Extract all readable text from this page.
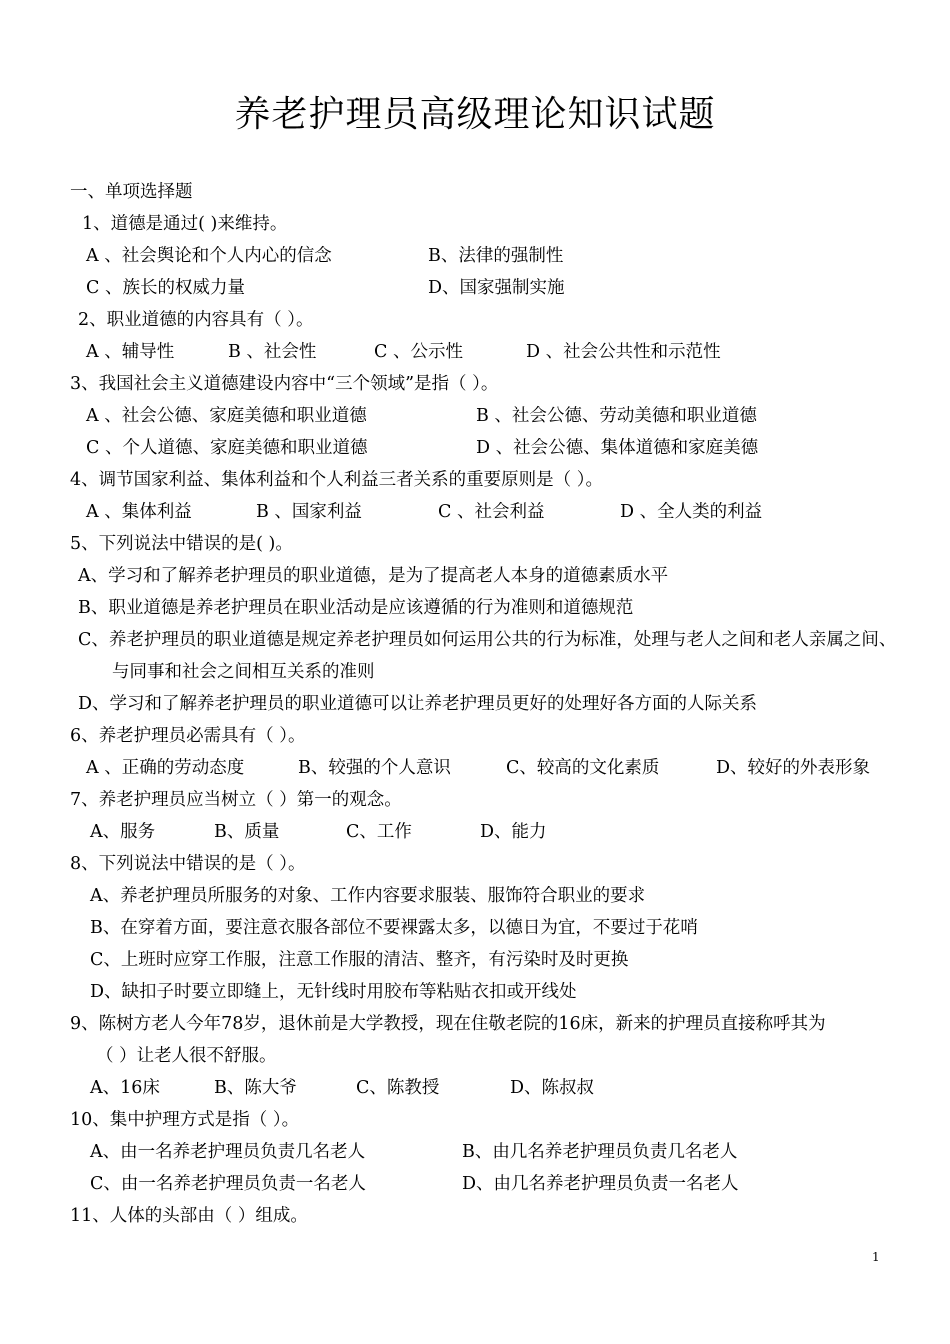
养老护理员高级理论知识试题
一、单项选择题
1、道德是通过( )来维持。
A 、社会舆论和个人内心的信念	B、法律的强制性
C 、族长的权威力量	D、国家强制实施
2、职业道德的内容具有（ ）。
A 、辅导性	B 、社会性	C 、公示性	D 、社会公共性和示范性
3、我国社会主义道德建设内容中“三个领域”是指（ ）。
A 、社会公德、家庭美德和职业道德	B 、社会公德、劳动美德和职业道德
C 、个人道德、家庭美德和职业道德	D 、社会公德、集体道德和家庭美德
4、调节国家利益、集体利益和个人利益三者关系的重要原则是（ ）。
A 、集体利益	B 、国家利益	C 、社会利益	D 、全人类的利益
5、下列说法中错误的是( )。
A、学习和了解养老护理员的职业道德，是为了提高老人本身的道德素质水平
B、职业道德是养老护理员在职业活动是应该遵循的行为准则和道德规范
C、养老护理员的职业道德是规定养老护理员如何运用公共的行为标准，处理与老人之间和老人亲属之间、
与同事和社会之间相互关系的准则
D、学习和了解养老护理员的职业道德可以让养老护理员更好的处理好各方面的人际关系
6、养老护理员必需具有（ ）。
A 、正确的劳动态度	B、较强的个人意识	C、较高的文化素质	D、较好的外表形象
7、养老护理员应当树立（ ）第一的观念。
A、服务	B、质量	C、工作	D、能力
8、下列说法中错误的是（ ）。
A、养老护理员所服务的对象、工作内容要求服装、服饰符合职业的要求
B、在穿着方面，要注意衣服各部位不要裸露太多，以德日为宜，不要过于花哨
C、上班时应穿工作服，注意工作服的清洁、整齐，有污染时及时更换
D、缺扣子时要立即缝上，无针线时用胶布等粘贴衣扣或开线处
9、陈树方老人今年78岁，退休前是大学教授，现在住敬老院的16床，新来的护理员直接称呼其为
（ ）让老人很不舒服。
A、16床	B、陈大爷	C、陈教授	D、陈叔叔
10、集中护理方式是指（ ）。
A、由一名养老护理员负责几名老人	B、由几名养老护理员负责几名老人
C、由一名养老护理员负责一名老人	D、由几名养老护理员负责一名老人
11、人体的头部由（ ）组成。
1
